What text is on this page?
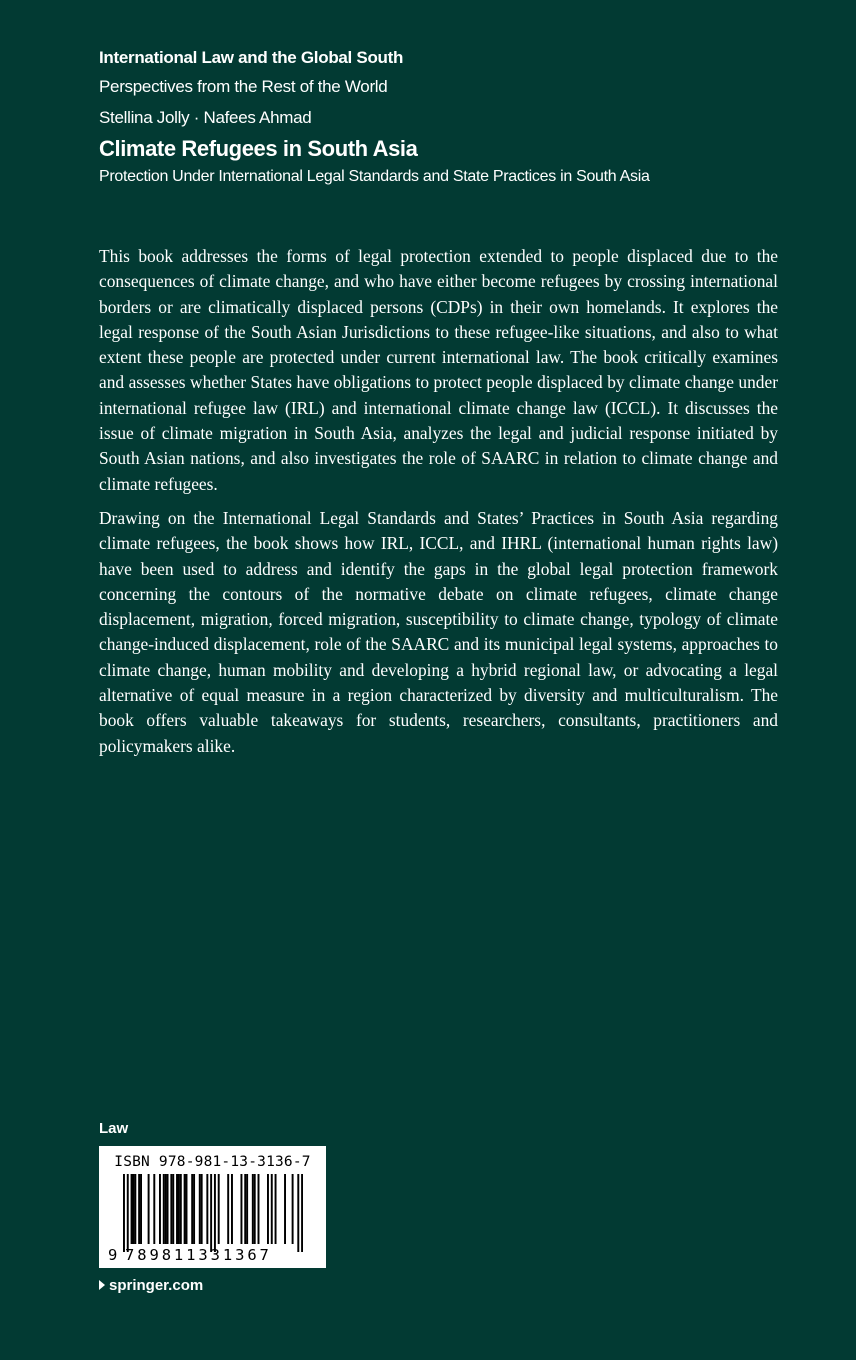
International Law and the Global South
Perspectives from the Rest of the World
Stellina Jolly · Nafees Ahmad
Climate Refugees in South Asia
Protection Under International Legal Standards and State Practices in South Asia

This book addresses the forms of legal protection extended to people displaced due to the consequences of climate change, and who have either become refugees by crossing international borders or are climatically displaced persons (CDPs) in their own homelands. It explores the legal response of the South Asian Jurisdictions to these refugee-like situations, and also to what extent these people are protected under current international law. The book critically examines and assesses whether States have obligations to protect people displaced by climate change under international refugee law (IRL) and international climate change law (ICCL). It discusses the issue of climate migration in South Asia, analyzes the legal and judicial response initiated by South Asian nations, and also investigates the role of SAARC in relation to climate change and climate refugees.

Drawing on the International Legal Standards and States’ Practices in South Asia regarding climate refugees, the book shows how IRL, ICCL, and IHRL (international human rights law) have been used to address and identify the gaps in the global legal protection framework concerning the contours of the normative debate on climate refugees, climate change displacement, migration, forced migration, susceptibility to climate change, typology of climate change-induced displacement, role of the SAARC and its municipal legal systems, approaches to climate change, human mobility and developing a hybrid regional law, or advocating a legal alternative of equal measure in a region characterized by diversity and multiculturalism. The book offers valuable takeaways for students, researchers, consultants, practitioners and policymakers alike.

Law
ISBN 978-981-13-3136-7
9 789811331367
springer.com
